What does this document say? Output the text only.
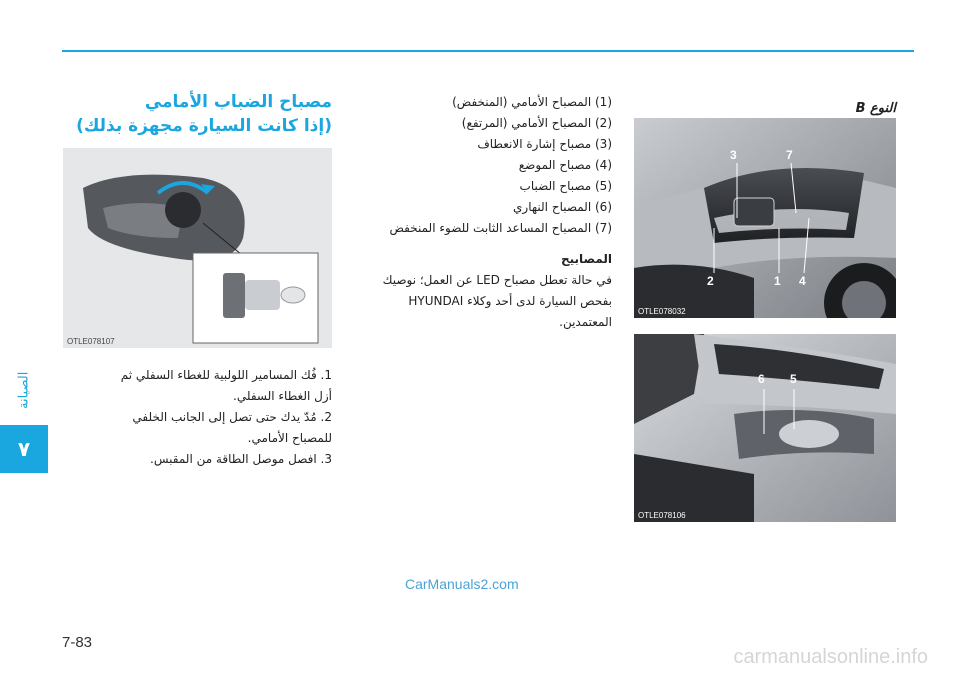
الصيانة
٧
النوع B
3	7
2	1 4
OTLE078032
6 5
OTLE078106
(1) المصباح الأمامي (المنخفض)
(2) المصباح الأمامي (المرتفع)
(3) مصباح إشارة الانعطاف
(4) مصباح الموضع
(5) مصباح الضباب
(6) المصباح النهاري
(7) المصباح المساعد الثابت للضوء المنخفض
المصابيح
في حالة تعطل مصباح LED عن العمل؛ نوصيك
بفحص السيارة لدى أحد وكلاء HYUNDAI
المعتمدين.
مصباح الضباب الأمامي
(إذا كانت السيارة مجهزة بذلك)
OTLE078107
1. فُك المسامير اللولبية للغطاء السفلي ثم
أزل الغطاء السفلي.
2. مُدّ يدك حتى تصل إلى الجانب الخلفي
للمصباح الأمامي.
3. افصل موصل الطاقة من المقبس.
CarManuals2.com
7-83
carmanualsonline.info
